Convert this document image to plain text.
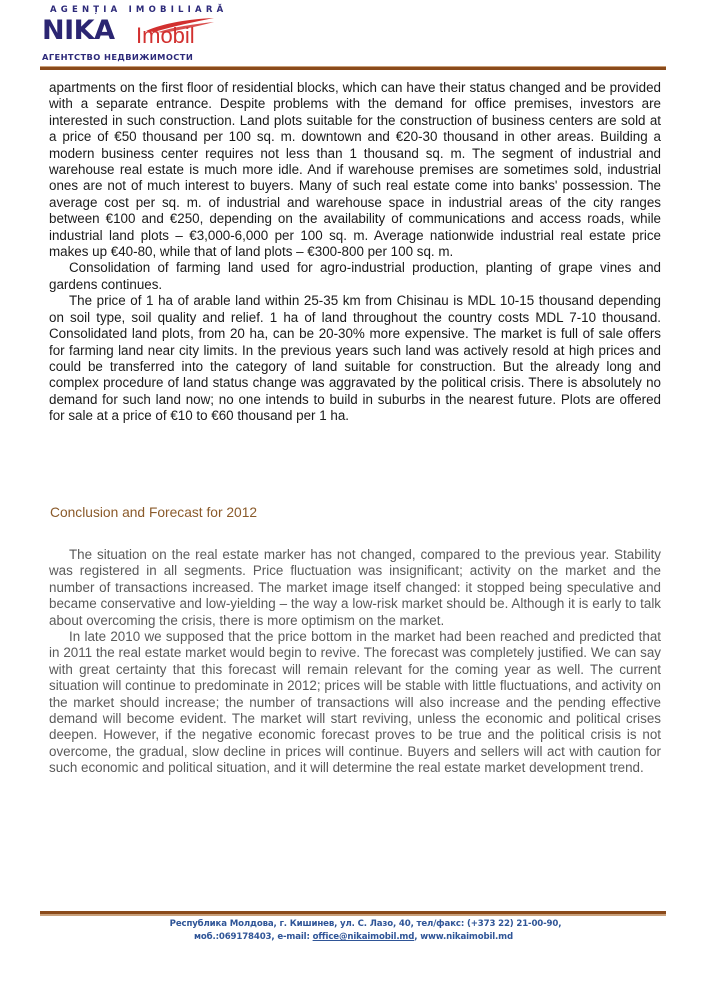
AGENȚIA IMOBILIARĂ
NIKA Imobil
АГЕНТСТВО НЕДВИЖИМОСТИ

apartments on the first floor of residential blocks, which can have their status changed and be provided with a separate entrance. Despite problems with the demand for office premises, investors are interested in such construction. Land plots suitable for the construction of business centers are sold at a price of €50 thousand per 100 sq. m. downtown and €20-30 thousand in other areas. Building a modern business center requires not less than 1 thousand sq. m. The segment of industrial and warehouse real estate is much more idle. And if warehouse premises are sometimes sold, industrial ones are not of much interest to buyers. Many of such real estate come into banks' possession. The average cost per sq. m. of industrial and warehouse space in industrial areas of the city ranges between €100 and €250, depending on the availability of communications and access roads, while industrial land plots – €3,000-6,000 per 100 sq. m. Average nationwide industrial real estate price makes up €40-80, while that of land plots – €300-800 per 100 sq. m.

Consolidation of farming land used for agro-industrial production, planting of grape vines and gardens continues.

The price of 1 ha of arable land within 25-35 km from Chisinau is MDL 10-15 thousand depending on soil type, soil quality and relief. 1 ha of land throughout the country costs MDL 7-10 thousand. Consolidated land plots, from 20 ha, can be 20-30% more expensive. The market is full of sale offers for farming land near city limits. In the previous years such land was actively resold at high prices and could be transferred into the category of land suitable for construction. But the already long and complex procedure of land status change was aggravated by the political crisis. There is absolutely no demand for such land now; no one intends to build in suburbs in the nearest future. Plots are offered for sale at a price of €10 to €60 thousand per 1 ha.

Conclusion and Forecast for 2012

The situation on the real estate marker has not changed, compared to the previous year. Stability was registered in all segments. Price fluctuation was insignificant; activity on the market and the number of transactions increased. The market image itself changed: it stopped being speculative and became conservative and low-yielding – the way a low-risk market should be. Although it is early to talk about overcoming the crisis, there is more optimism on the market.

In late 2010 we supposed that the price bottom in the market had been reached and predicted that in 2011 the real estate market would begin to revive. The forecast was completely justified. We can say with great certainty that this forecast will remain relevant for the coming year as well. The current situation will continue to predominate in 2012; prices will be stable with little fluctuations, and activity on the market should increase; the number of transactions will also increase and the pending effective demand will become evident. The market will start reviving, unless the economic and political crises deepen. However, if the negative economic forecast proves to be true and the political crisis is not overcome, the gradual, slow decline in prices will continue. Buyers and sellers will act with caution for such economic and political situation, and it will determine the real estate market development trend.

Республика Молдова, г. Кишинев, ул. С. Лазо, 40, тел/факс: (+373 22) 21-00-90,
моб.:069178403, e-mail: office@nikaimobil.md, www.nikaimobil.md
